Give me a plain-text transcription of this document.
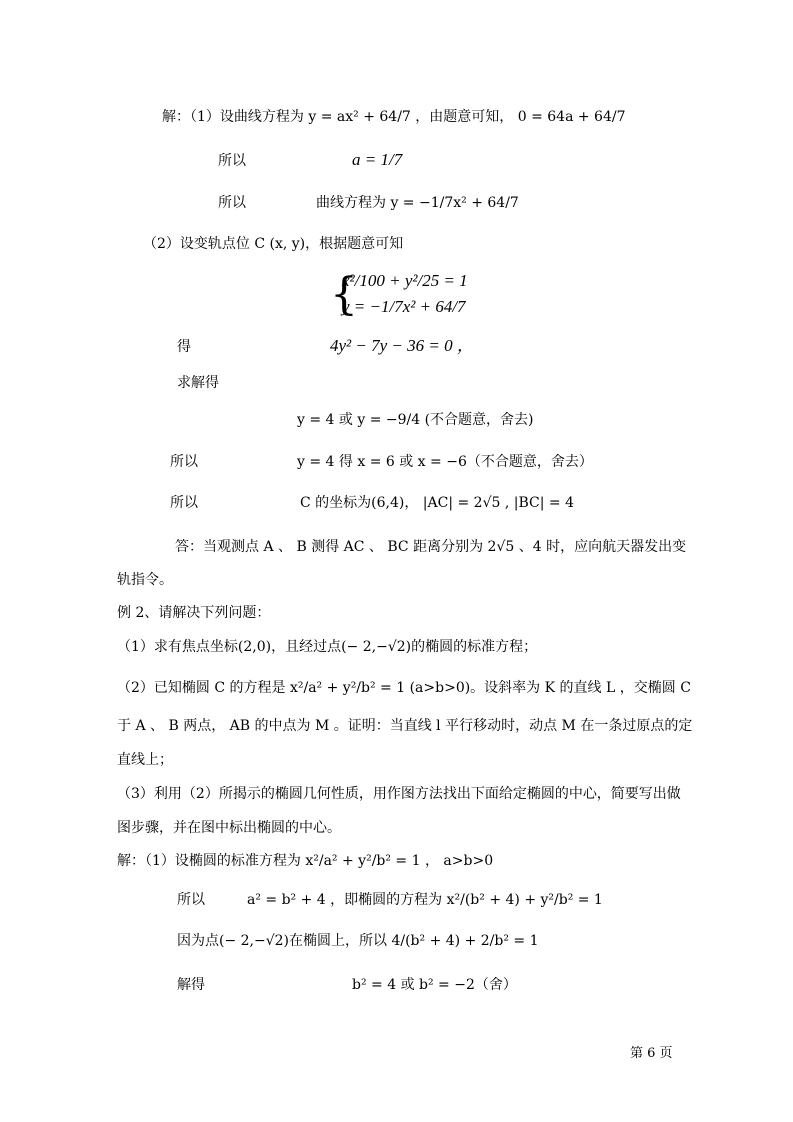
解：（1）设曲线方程为 y = ax² + 64/7 ，由题意可知， 0 = 64a + 64/7
所以	a = 1/7
所以	曲线方程为 y = −1/7x² + 64/7
（2）设变轨点位 C (x, y)，根据题意可知
{
x²/100 + y²/25 = 1
y = −1/7x² + 64/7
得	4y² − 7y − 36 = 0 ，
求解得
y = 4 或 y = −9/4 (不合题意，舍去)
所以	y = 4 得 x = 6 或 x = −6（不合题意，舍去）
所以	C 的坐标为(6,4)， |AC| = 2√5 , |BC| = 4
答：当观测点 A 、 B 测得 AC 、 BC 距离分别为 2√5 、4 时，应向航天器发出变
轨指令。
例 2、请解决下列问题：
（1）求有焦点坐标(2,0)，且经过点(− 2,−√2)的椭圆的标准方程；
（2）已知椭圆 C 的方程是 x²/a² + y²/b² = 1 (a>b>0)。设斜率为 K 的直线 L ，交椭圆 C
于 A 、 B 两点， AB 的中点为 M 。证明：当直线 l 平行移动时，动点 M 在一条过原点的定
直线上；
（3）利用（2）所揭示的椭圆几何性质，用作图方法找出下面给定椭圆的中心，简要写出做
图步骤，并在图中标出椭圆的中心。
解：（1）设椭圆的标准方程为 x²/a² + y²/b² = 1 ， a>b>0
所以	a² = b² + 4 ，即椭圆的方程为 x²/(b² + 4) + y²/b² = 1
因为点(− 2,−√2)在椭圆上，所以 4/(b² + 4) + 2/b² = 1
解得	b² = 4 或 b² = −2（舍）
第 6 页
